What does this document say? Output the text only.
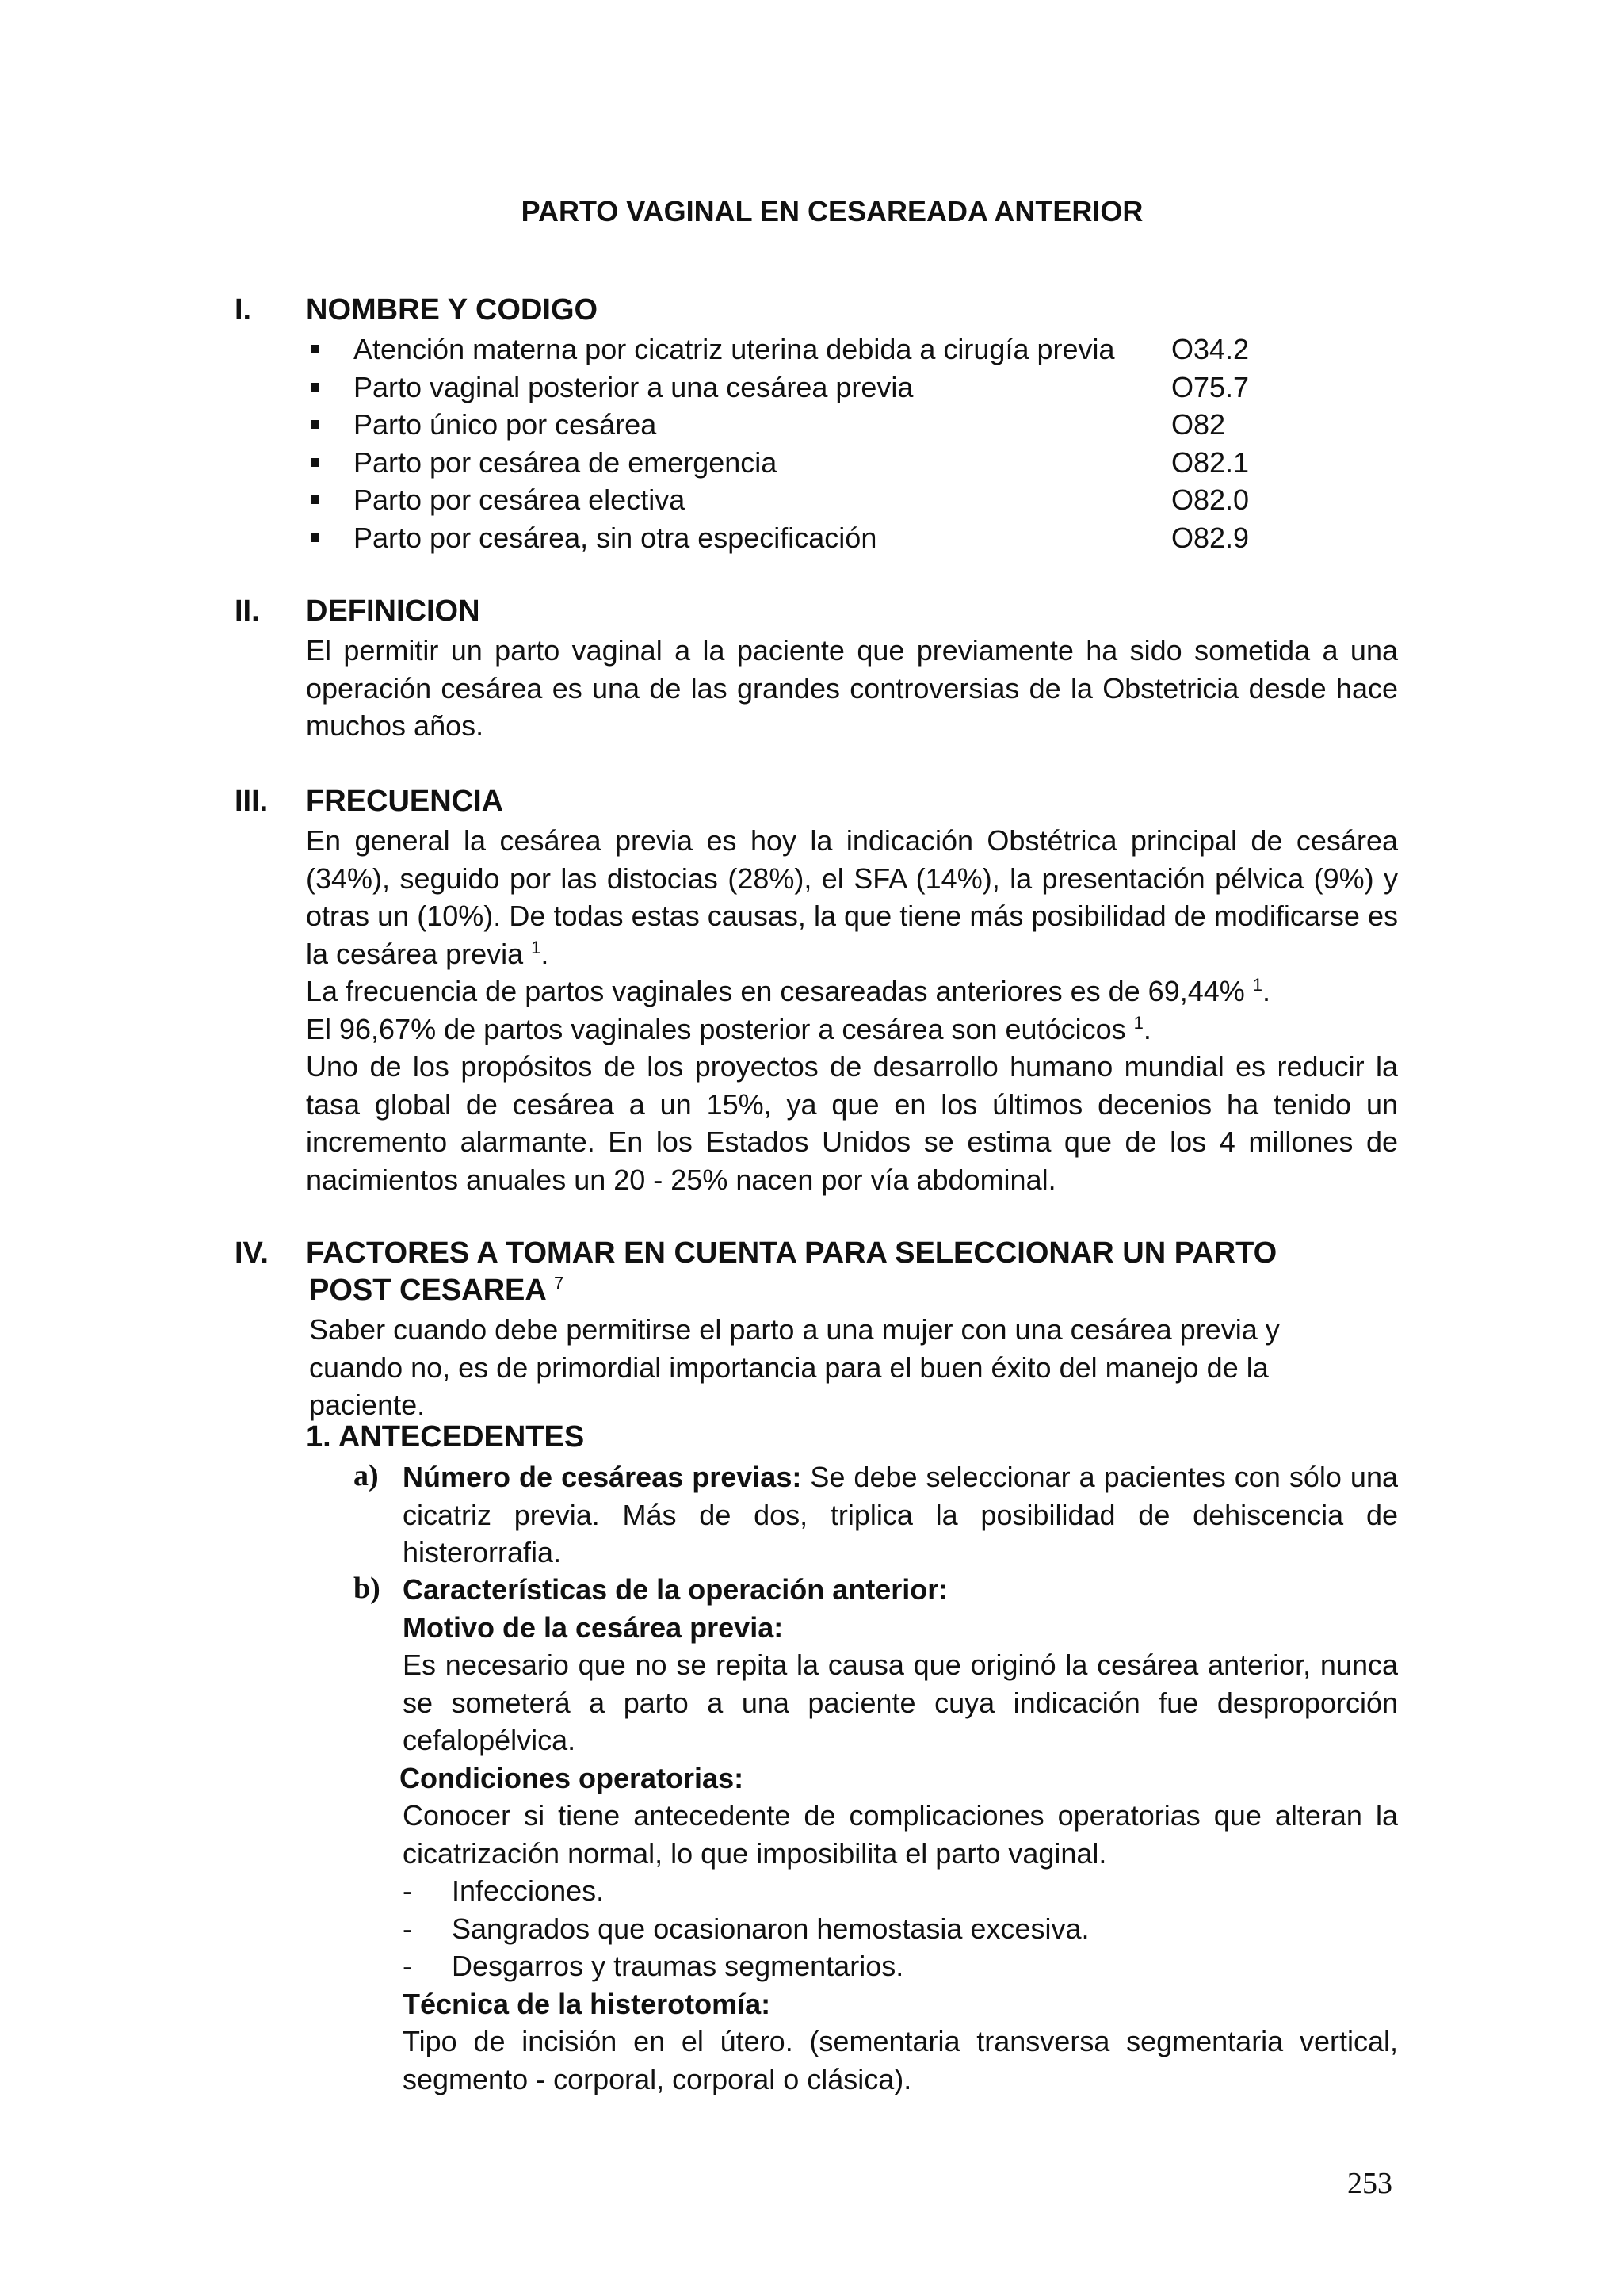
PARTO VAGINAL EN CESAREADA ANTERIOR
I. NOMBRE Y CODIGO
Atención materna por cicatriz uterina debida a cirugía previa O34.2
Parto vaginal posterior a una cesárea previa	O75.7
Parto único por cesárea	O82
Parto por cesárea de emergencia	O82.1
Parto por cesárea electiva	O82.0
Parto por cesárea, sin otra especificación	O82.9
II. DEFINICION
El permitir un parto vaginal a la paciente que previamente ha sido sometida a una operación cesárea es una de las grandes controversias de la Obstetricia desde hace muchos años.
III. FRECUENCIA

En general la cesárea previa es hoy la indicación Obstétrica principal de cesárea (34%), seguido por las distocias (28%), el SFA (14%), la presentación pélvica (9%) y otras un (10%). De todas estas causas, la que tiene más posibilidad de modificarse es la cesárea previa $^1$.

La frecuencia de partos vaginales en cesareadas anteriores es de 69,44% $^1$.

El 96,67% de partos vaginales posterior a cesárea son eutócicos $^1$.

Uno de los propósitos de los proyectos de desarrollo humano mundial es reducir la tasa global de cesárea a un 15%, ya que en los últimos decenios ha tenido un incremento alarmante. En los Estados Unidos se estima que de los 4 millones de nacimientos anuales un 20 - 25% nacen por vía abdominal.

IV. FACTORES A TOMAR EN CUENTA PARA SELECCIONAR UN PARTO
POST CESAREA $^7$
Saber cuando debe permitirse el parto a una mujer con una cesárea previa y cuando no, es de primordial importancia para el buen éxito del manejo de la paciente.
1. ANTECEDENTES
a) Número de cesáreas previas: Se debe seleccionar a pacientes con sólo una cicatriz previa. Más de dos, triplica la posibilidad de dehiscencia de histerorrafia.

b) Características de la operación anterior:

Motivo de la cesárea previa:

Es necesario que no se repita la causa que originó la cesárea anterior, nunca se someterá a parto a una paciente cuya indicación fue desproporción cefalopélvica.

Condiciones operatorias:

Conocer si tiene antecedente de complicaciones operatorias que alteran la cicatrización normal, lo que imposibilita el parto vaginal.

- Infecciones.

- Sangrados que ocasionaron hemostasia excesiva.

- Desgarros y traumas segmentarios.

Técnica de la histerotomía:

Tipo de incisión en el útero. (sementaria transversa segmentaria vertical, segmento - corporal, corporal o clásica).

253
